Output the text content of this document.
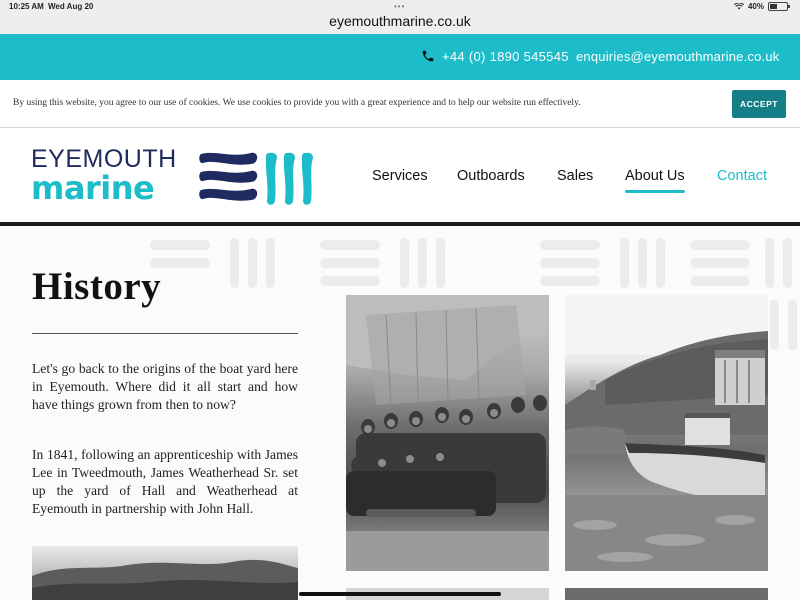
10:25 AM Wed Aug 20	•••
eyemouthmarine.co.uk
40%
+44 (0) 1890 545545 enquiries@eyemouthmarine.co.uk

By using this website, you agree to our use of cookies. We use cookies to provide you with a great experience and to help our website run effectively.	ACCEPT
EYEMOUTH
marine	Services Outboards Sales About Us Contact
History

Let's go back to the origins of the boat yard here in Eyemouth. Where did it all start and how have things grown from then to now?

In 1841, following an apprenticeship with James Lee in Tweedmouth, James Weatherhead Sr. set up the yard of Hall and Weatherhead at Eyemouth in partnership with John Hall.
